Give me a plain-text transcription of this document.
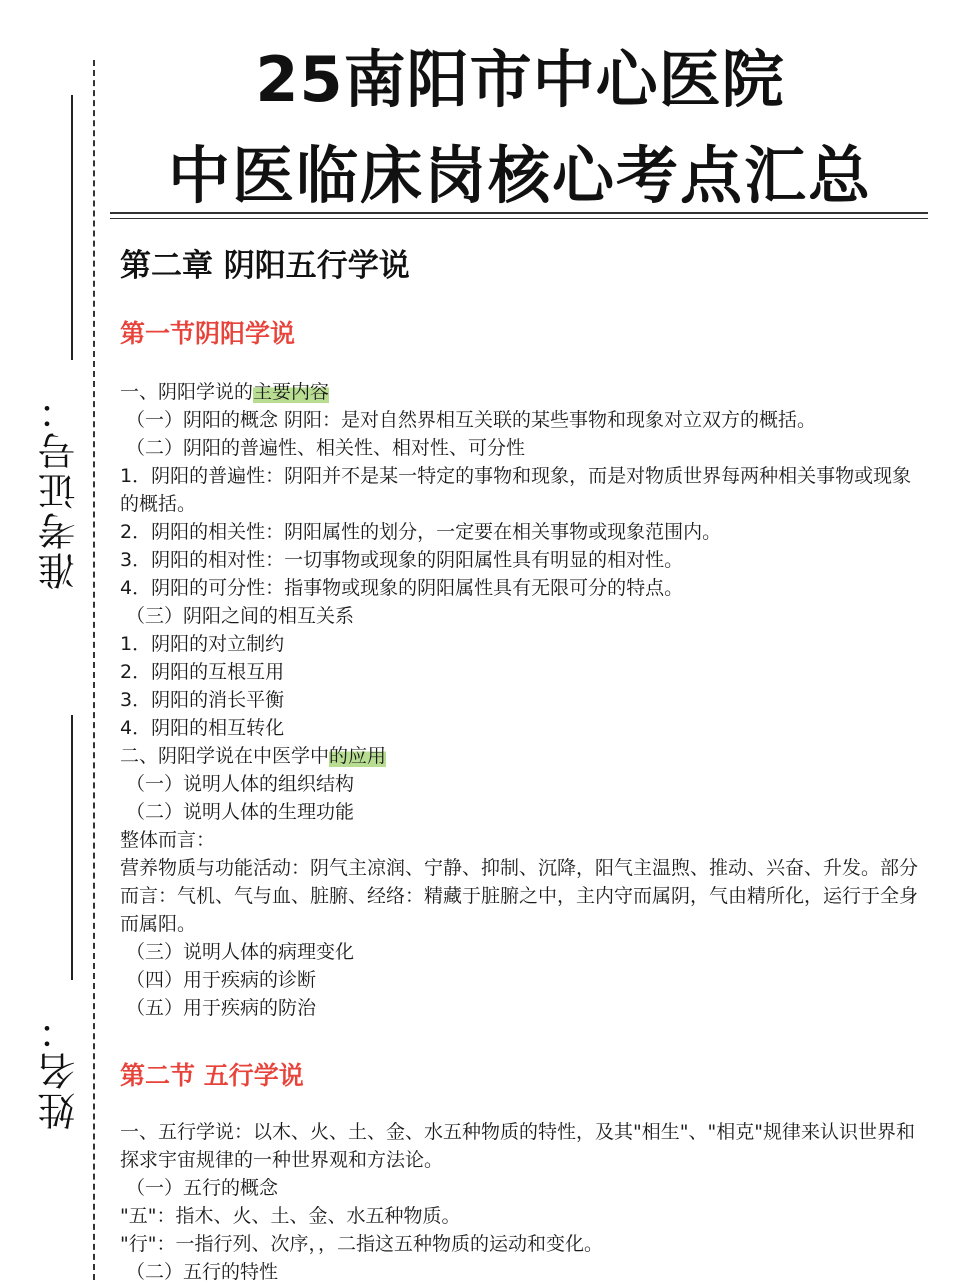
25南阳市中心医院
中医临床岗核心考点汇总
准考证号：
姓名：
第二章 阴阳五行学说
第一节阴阳学说

一、阴阳学说的主要内容

（一）阴阳的概念 阴阳：是对自然界相互关联的某些事物和现象对立双方的概括。

（二）阴阳的普遍性、相关性、相对性、可分性

1．阴阳的普遍性：阴阳并不是某一特定的事物和现象，而是对物质世界每两种相关事物或现象的概括。

2．阴阳的相关性：阴阳属性的划分，一定要在相关事物或现象范围内。

3．阴阳的相对性：一切事物或现象的阴阳属性具有明显的相对性。

4．阴阳的可分性：指事物或现象的阴阳属性具有无限可分的特点。

（三）阴阳之间的相互关系

1．阴阳的对立制约

2．阴阳的互根互用

3．阴阳的消长平衡

4．阴阳的相互转化

二、阴阳学说在中医学中的应用

（一）说明人体的组织结构

（二）说明人体的生理功能

整体而言：

营养物质与功能活动：阴气主凉润、宁静、抑制、沉降，阳气主温煦、推动、兴奋、升发。部分而言：气机、气与血、脏腑、经络：精藏于脏腑之中，主内守而属阴，气由精所化，运行于全身而属阳。

（三）说明人体的病理变化

（四）用于疾病的诊断

（五）用于疾病的防治

第二节 五行学说

一、五行学说：以木、火、土、金、水五种物质的特性，及其"相生"、"相克"规律来认识世界和探求宇宙规律的一种世界观和方法论。

（一）五行的概念

"五"：指木、火、土、金、水五种物质。

"行"：一指行列、次序，，二指这五种物质的运动和变化。

（二）五行的特性
